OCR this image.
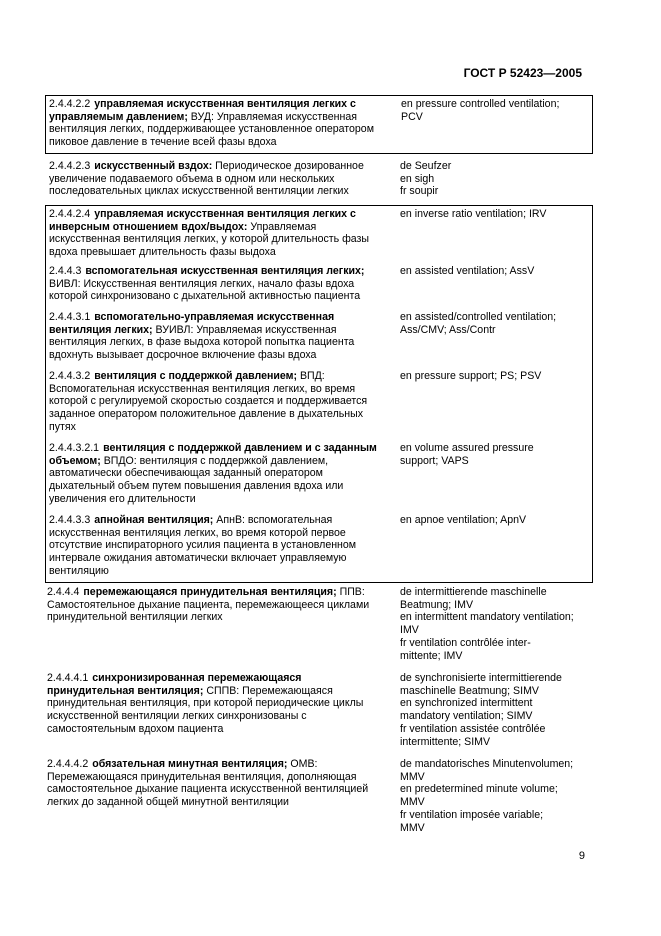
ГОСТ Р 52423—2005
2.4.4.2.2 управляемая искусственная вентиляция легких с управляемым давлением; ВУД: Управляемая искусственная вентиляция легких, поддерживающее установленное оператором пиковое давление в течение всей фазы вдоха
en pressure controlled ventilation;
PCV
2.4.4.2.3 искусственный вздох: Периодическое дозированное увеличение подаваемого объема в одном или нескольких последовательных циклах искусственной вентиляции легких
de Seufzer
en sigh
fr soupir
2.4.4.2.4 управляемая искусственная вентиляция легких с инверсным отношением вдох/выдох: Управляемая искусственная вентиляция легких, у которой длительность фазы вдоха превышает длительность фазы выдоха
en inverse ratio ventilation; IRV
2.4.4.3 вспомогательная искусственная вентиляция легких; ВИВЛ: Искусственная вентиляция легких, начало фазы вдоха которой синхронизовано с дыхательной активностью пациента
en assisted ventilation; AssV
2.4.4.3.1 вспомогательно-управляемая искусственная вентиляция легких; ВУИВЛ: Управляемая искусственная вентиляция легких, в фазе выдоха которой попытка пациента вдохнуть вызывает досрочное включение фазы вдоха
en assisted/controlled ventilation;
Ass/CMV; Ass/Contr
2.4.4.3.2 вентиляция с поддержкой давлением; ВПД: Вспомогательная искусственная вентиляция легких, во время которой с регулируемой скоростью создается и поддерживается заданное оператором положительное давление в дыхательных путях
en pressure support; PS; PSV
2.4.4.3.2.1 вентиляция с поддержкой давлением и с заданным объемом; ВПДО: вентиляция с поддержкой давлением, автоматически обеспечивающая заданный оператором дыхательный объем путем повышения давления вдоха или увеличения его длительности
en volume assured pressure
support; VAPS
2.4.4.3.3 апнойная вентиляция; АпнВ: вспомогательная искусственная вентиляция легких, во время которой первое отсутствие инспираторного усилия пациента в установленном интервале ожидания автоматически включает управляемую вентиляцию
en apnoe ventilation; ApnV
2.4.4.4 перемежающаяся принудительная вентиляция; ППВ: Самостоятельное дыхание пациента, перемежающееся циклами принудительной вентиляции легких
de intermittierende maschinelle
Beatmung; IMV
en intermittent mandatory ventilation;
IMV
fr ventilation contrôlée inter-
mittente; IMV
2.4.4.4.1 синхронизированная перемежающаяся принудительная вентиляция; СППВ: Перемежающаяся принудительная вентиляция, при которой периодические циклы искусственной вентиляции легких синхронизованы с самостоятельным вдохом пациента
de synchronisierte intermittierende
maschinelle Beatmung; SIMV
en synchronized intermittent
mandatory ventilation; SIMV
fr ventilation assistée contrôlée
intermittente; SIMV
2.4.4.4.2 обязательная минутная вентиляция; ОМВ: Перемежающаяся принудительная вентиляция, дополняющая самостоятельное дыхание пациента искусственной вентиляцией легких до заданной общей минутной вентиляции
de mandatorisches Minutenvolumen;
MMV
en predetermined minute volume;
MMV
fr ventilation imposée variable;
MMV
9
